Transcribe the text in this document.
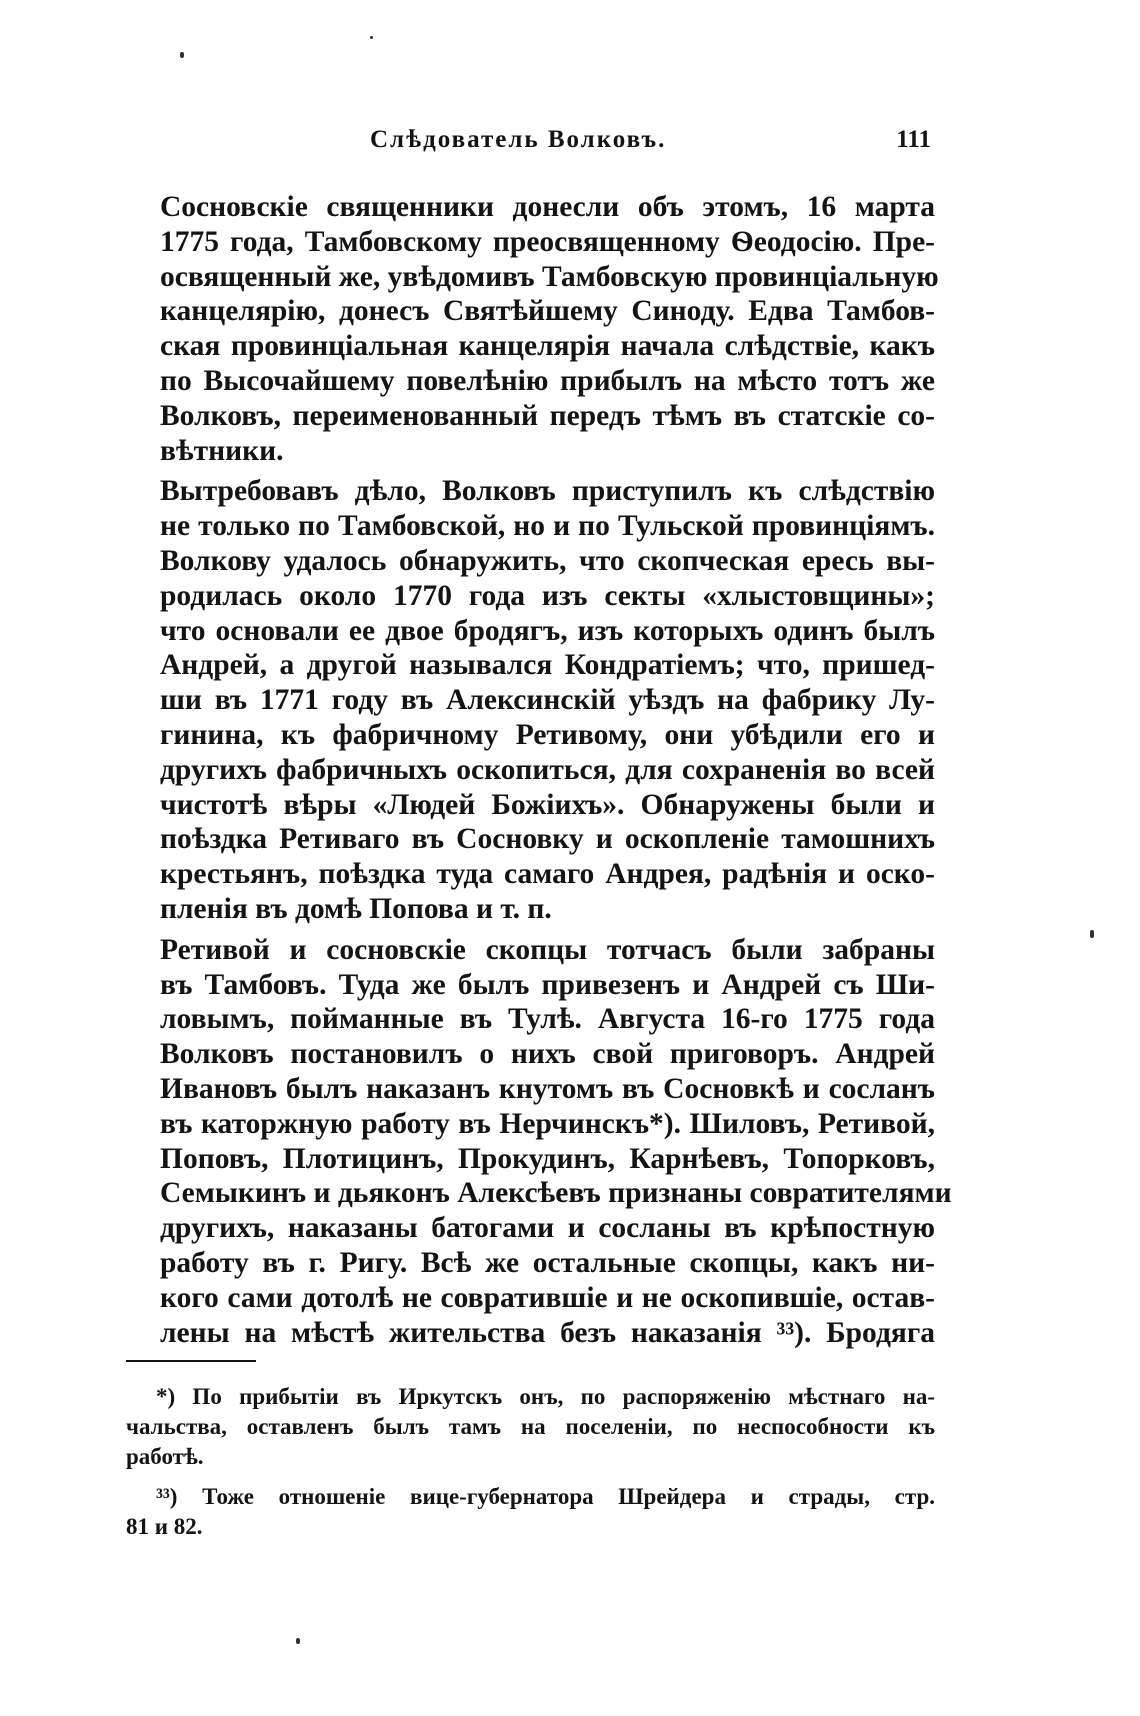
Слѣдователь Волковъ.	111

Сосновскіе священники донесли объ этомъ, 16 марта
1775 года, Тамбовскому преосвященному Ѳеодосію. Пре-
освященный же, увѣдомивъ Тамбовскую провинціальную
канцелярію, донесъ Святѣйшему Синоду. Едва Тамбов-
ская провинціальная канцелярія начала слѣдствіе, какъ
по Высочайшему повелѣнію прибылъ на мѣсто тотъ же
Волковъ, переименованный передъ тѣмъ въ статскіе со-
вѣтники.

Вытребовавъ дѣло, Волковъ приступилъ къ слѣдствію
не только по Тамбовской, но и по Тульской провинціямъ.
Волкову удалось обнаружить, что скопческая ересь вы-
родилась около 1770 года изъ секты «хлыстовщины»;
что основали ее двое бродягъ, изъ которыхъ одинъ былъ
Андрей, а другой назывался Кондратіемъ; что, пришед-
ши въ 1771 году въ Алексинскій уѣздъ на фабрику Лу-
гинина, къ фабричному Ретивому, они убѣдили его и
другихъ фабричныхъ оскопиться, для сохраненія во всей
чистотѣ вѣры «Людей Божіихъ». Обнаружены были и
поѣздка Ретиваго въ Сосновку и оскопленіе тамошнихъ
крестьянъ, поѣздка туда самаго Андрея, радѣнія и оско-
пленія въ домѣ Попова и т. п.

Ретивой и сосновскіе скопцы тотчасъ были забраны
въ Тамбовъ. Туда же былъ привезенъ и Андрей съ Ши-
ловымъ, пойманные въ Тулѣ. Августа 16-го 1775 года
Волковъ постановилъ о нихъ свой приговоръ. Андрей
Ивановъ былъ наказанъ кнутомъ въ Сосновкѣ и сосланъ
въ каторжную работу въ Нерчинскъ*). Шиловъ, Ретивой,
Поповъ, Плотицинъ, Прокудинъ, Карнѣевъ, Топорковъ,
Семыкинъ и дьяконъ Алексѣевъ признаны совратителями
другихъ, наказаны батогами и сосланы въ крѣпостную
работу въ г. Ригу. Всѣ же остальные скопцы, какъ ни-
кого сами дотолѣ не совратившіе и не оскопившіе, остав-
лены на мѣстѣ жительства безъ наказанія ³³). Бродяга

*) По прибытіи въ Иркутскъ онъ, по распоряженію мѣстнаго на-
чальства, оставленъ былъ тамъ на поселеніи, по неспособности къ
работѣ.

³³) Тоже отношеніе вице-губернатора Шрейдера и страды, стр.
81 и 82.
